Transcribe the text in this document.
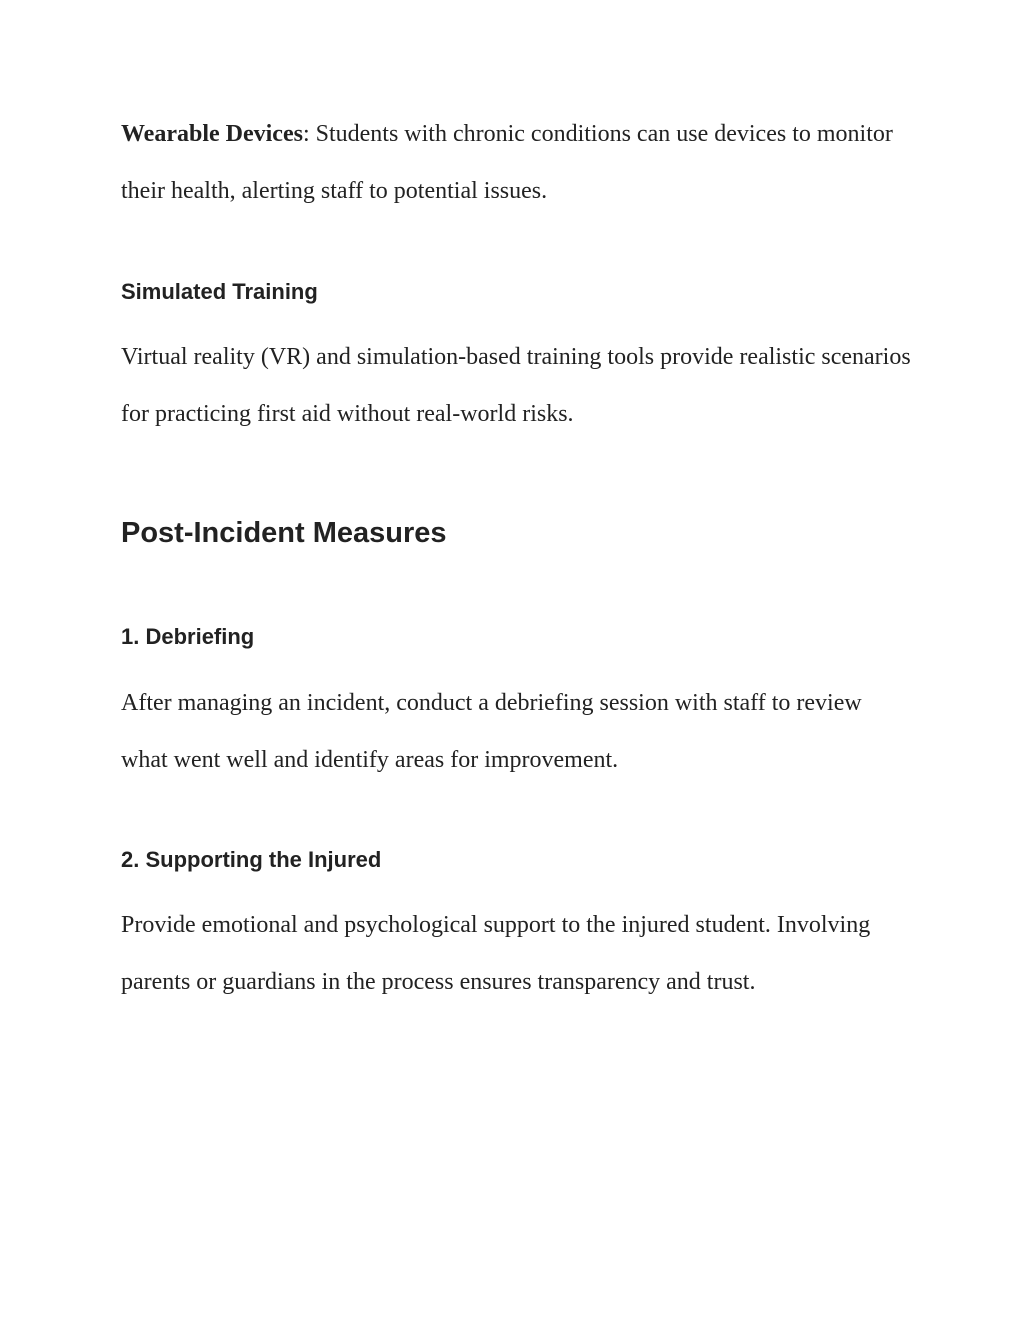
Wearable Devices: Students with chronic conditions can use devices to monitor their health, alerting staff to potential issues.

Simulated Training

Virtual reality (VR) and simulation-based training tools provide realistic scenarios for practicing first aid without real-world risks.

Post-Incident Measures
1. Debriefing

After managing an incident, conduct a debriefing session with staff to review what went well and identify areas for improvement.

2. Supporting the Injured

Provide emotional and psychological support to the injured student. Involving parents or guardians in the process ensures transparency and trust.
